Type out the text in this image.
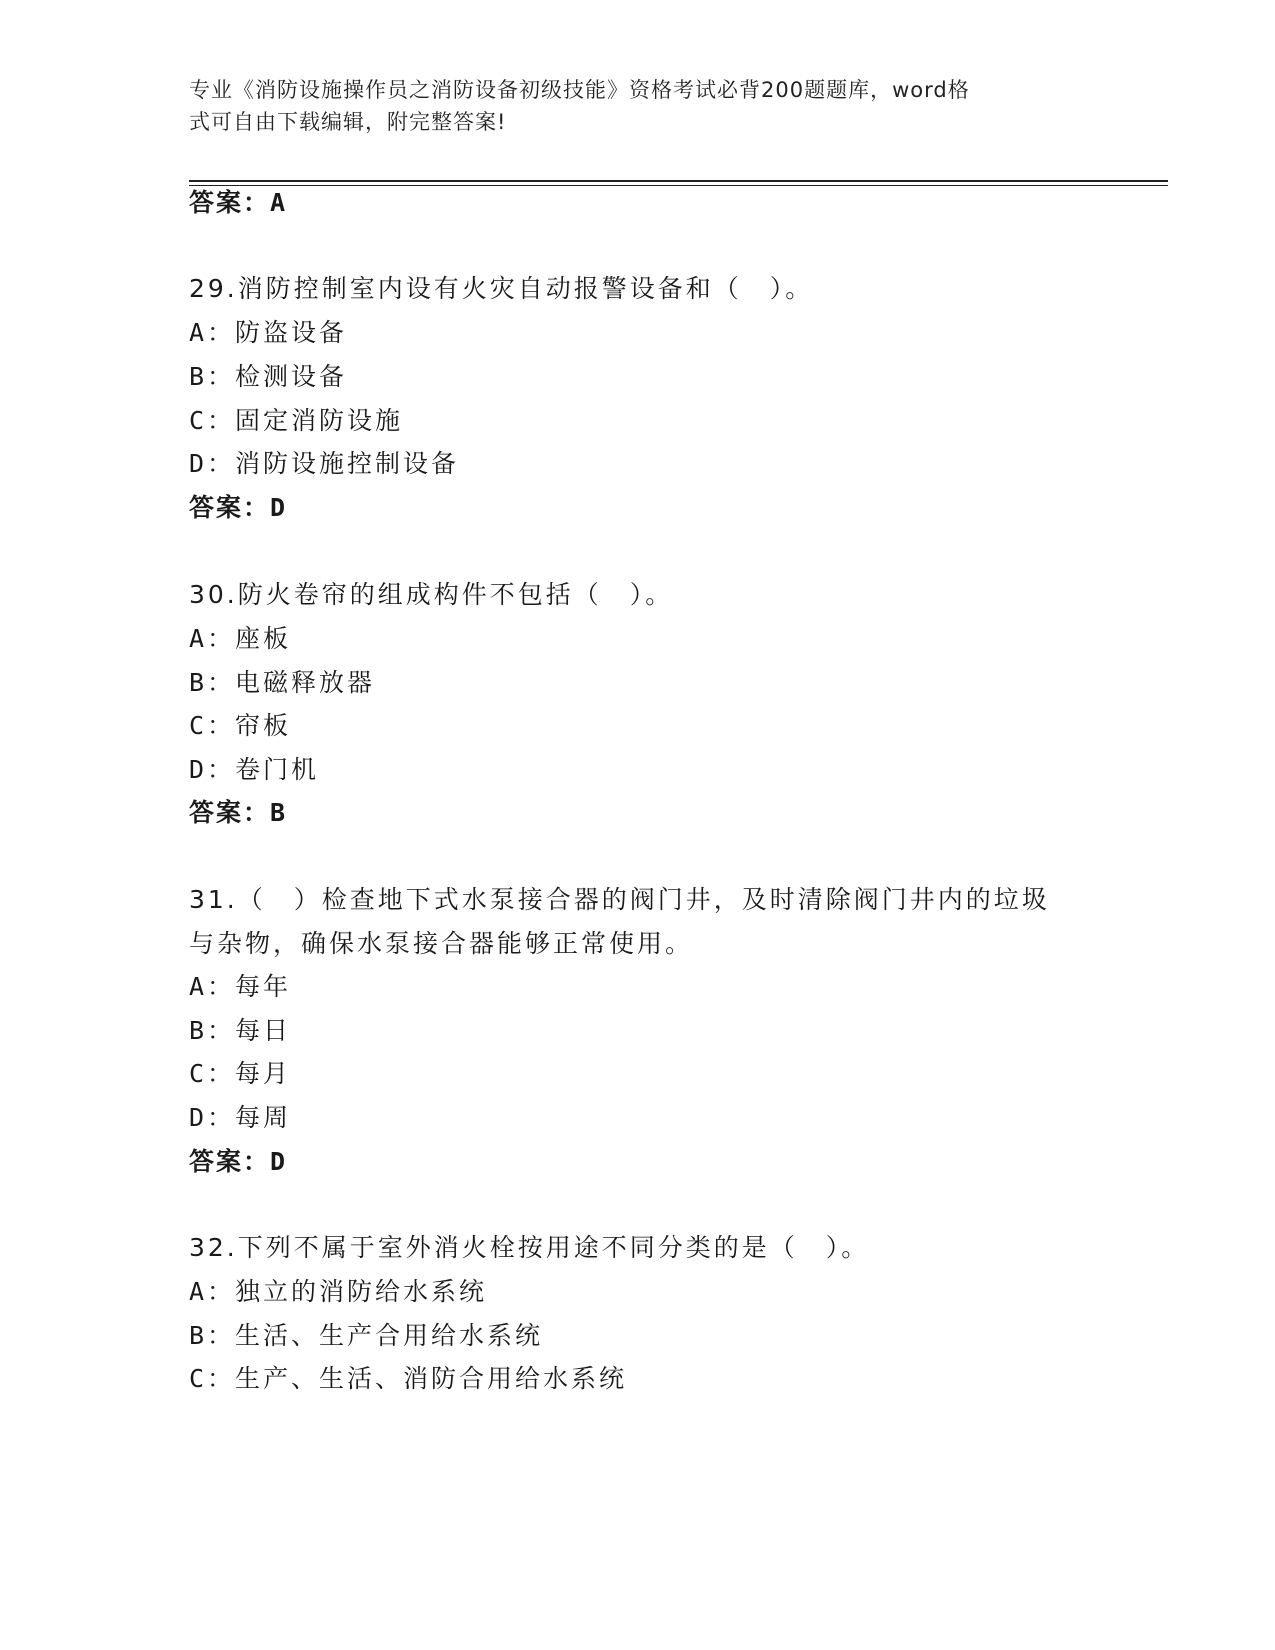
专业《消防设施操作员之消防设备初级技能》资格考试必背200题题库，word格
式可自由下载编辑，附完整答案!
答案：A
29.消防控制室内设有火灾自动报警设备和（　）。
A：防盗设备
B：检测设备
C：固定消防设施
D：消防设施控制设备
答案：D
30.防火卷帘的组成构件不包括（　）。
A：座板
B：电磁释放器
C：帘板
D：卷门机
答案：B
31.（　）检查地下式水泵接合器的阀门井，及时清除阀门井内的垃圾
与杂物，确保水泵接合器能够正常使用。
A：每年
B：每日
C：每月
D：每周
答案：D
32.下列不属于室外消火栓按用途不同分类的是（　）。
A：独立的消防给水系统
B：生活、生产合用给水系统
C：生产、生活、消防合用给水系统
